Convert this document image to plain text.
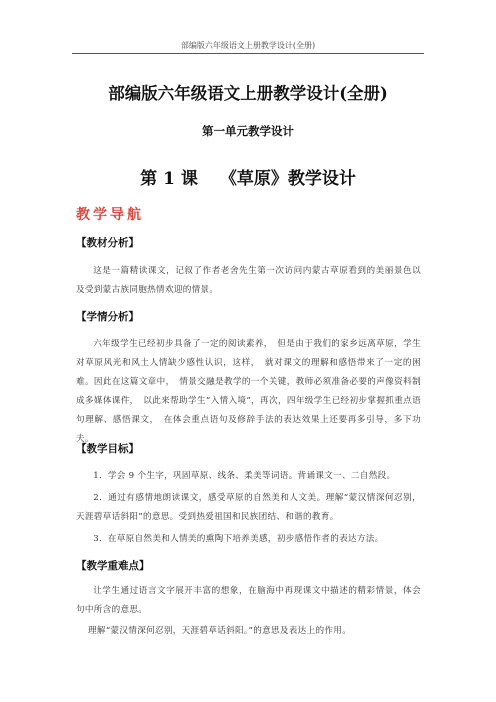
部编版六年级语文上册教学设计(全册)
部编版六年级语文上册教学设计(全册)
第一单元教学设计
第 1 课 《草原》教学设计
教学导航
【教材分析】
这是一篇精读课文，记叙了作者老舍先生第一次访问内蒙古草原看到的美丽景色以及受到蒙古族同胞热情欢迎的情景。
【学情分析】
六年级学生已经初步具备了一定的阅读素养，　但是由于我们的家乡远离草原，学生对草原风光和风土人情缺少感性认识，这样，　就对课文的理解和感悟带来了一定的困难。因此在这篇文章中，　情景交融是教学的一个关键，教师必须准备必要的声像资料制成多媒体课件，　以此来帮助学生“入情入境”，再次，四年级学生已经初步掌握抓重点语句理解、感悟课文，　在体会重点语句及修辞手法的表达效果上还要再多引导，多下功夫。
【教学目标】
1．学会 9 个生字，巩固草原、线条、柔美等词语。背诵课文一、二自然段。
2．通过有感情地朗读课文，感受草原的自然美和人文美。理解“蒙汉情深何忍别，天涯碧草话斜阳”的意思。受到热爱祖国和民族团结、和谐的教育。
3．在草原自然美和人情美的熏陶下培养美感，初步感悟作者的表达方法。
【教学重难点】
让学生通过语言文字展开丰富的想象，在脑海中再现课文中描述的精彩情景，体会句中所含的意思。
理解“蒙汉情深何忍别，天涯碧草话斜阳。”的意思及表达上的作用。
